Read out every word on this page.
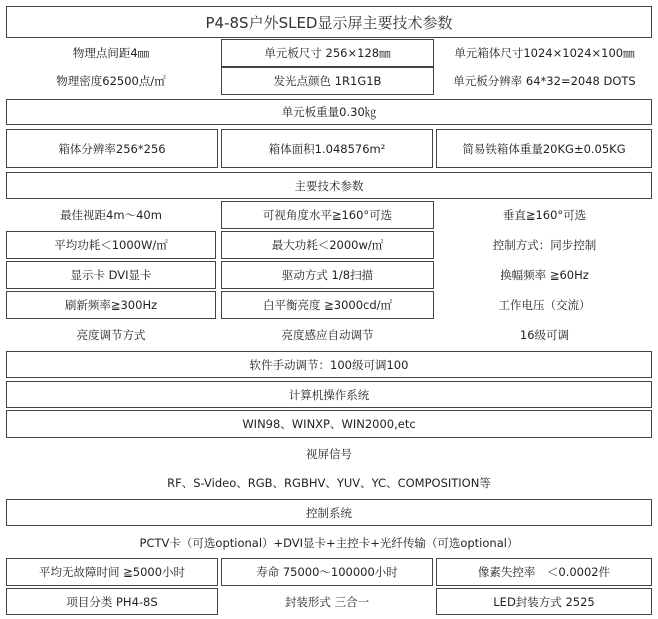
P4-8S户外SLED显示屏主要技术参数
物理点间距4㎜	单元板尺寸 256×128㎜	单元箱体尺寸1024×1024×100㎜
物理密度62500点/㎡	发光点颜色 1R1G1B	单元板分辨率 64*32=2048 DOTS
单元板重量0.30㎏
箱体分辨率256*256	箱体面积1.048576m²	简易铁箱体重量20KG±0.05KG
主要技术参数
最佳视距4m～40m	可视角度水平≧160°可选	垂直≧160°可选
平均功耗＜1000W/㎡	最大功耗＜2000w/㎡	控制方式：同步控制
显示卡 DVI显卡	驱动方式 1/8扫描	换幅频率 ≧60Hz
刷新频率≧300Hz	白平衡亮度 ≧3000cd/㎡	工作电压（交流）
亮度调节方式	亮度感应自动调节	16级可调
软件手动调节：100级可调100
计算机操作系统
WIN98、WINXP、WIN2000,etc
视屏信号
RF、S-Video、RGB、RGBHV、YUV、YC、COMPOSITION等
控制系统
PCTV卡（可选optional）+DVI显卡+主控卡+光纤传输（可选optional）
平均无故障时间 ≧5000小时	寿命 75000～100000小时	像素失控率　＜0.0002件
项目分类 PH4-8S	封装形式 三合一	LED封装方式 2525
